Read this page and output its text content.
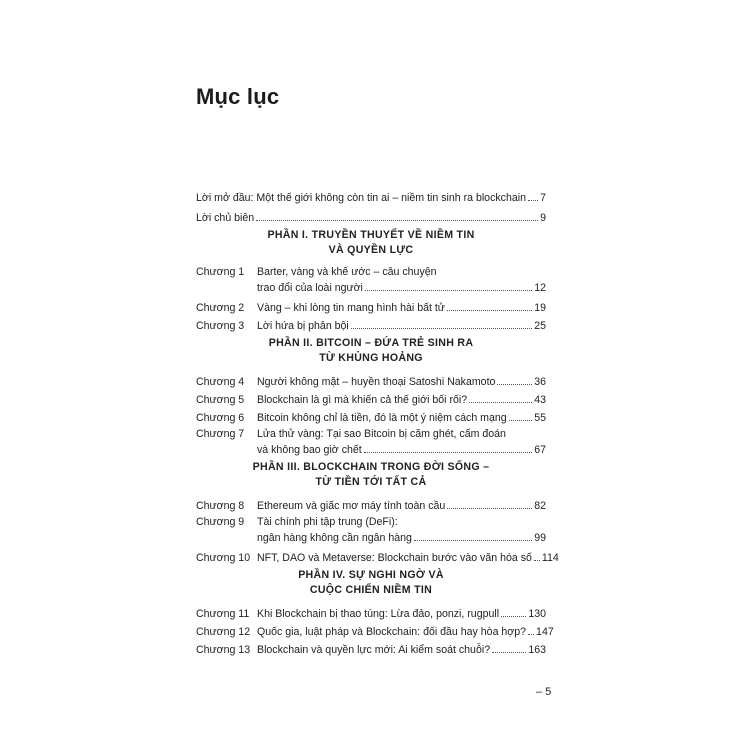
Mục lục
Lời mở đầu: Một thế giới không còn tin ai – niềm tin sinh ra blockchain 7
Lời chủ biên	9
PHẦN I. TRUYỀN THUYẾT VỀ NIỀM TIN
VÀ QUYỀN LỰC
Chương 1	Barter, vàng và khế ước – câu chuyện
trao đổi của loài người	12
Chương 2	Vàng – khi lòng tin mang hình hài bất tử	19
Chương 3	Lời hứa bị phản bội	25
PHẦN II. BITCOIN – ĐỨA TRẺ SINH RA
TỪ KHỦNG HOẢNG
Chương 4	Người không mặt – huyền thoại Satoshi Nakamoto	36
Chương 5	Blockchain là gì mà khiến cả thế giới bối rối?	43
Chương 6	Bitcoin không chỉ là tiền, đó là một ý niệm cách mạng	55
Chương 7	Lửa thử vàng: Tại sao Bitcoin bị căm ghét, cấm đoán
và không bao giờ chết	67
PHẦN III. BLOCKCHAIN TRONG ĐỜI SỐNG –
TỪ TIỀN TỚI TẤT CẢ
Chương 8	Ethereum và giấc mơ máy tính toàn cầu	82
Chương 9	Tài chính phi tập trung (DeFi):
ngân hàng không cần ngân hàng	99
Chương 10 NFT, DAO và Metaverse: Blockchain bước vào văn hóa số 114
PHẦN IV. SỰ NGHI NGỜ VÀ
CUỘC CHIẾN NIỀM TIN
Chương 11 Khi Blockchain bị thao túng: Lừa đảo, ponzi, rugpull	130
Chương 12 Quốc gia, luật pháp và Blockchain: đối đầu hay hòa hợp? 147
Chương 13 Blockchain và quyền lực mới: Ai kiểm soát chuỗi?	163
– 5
